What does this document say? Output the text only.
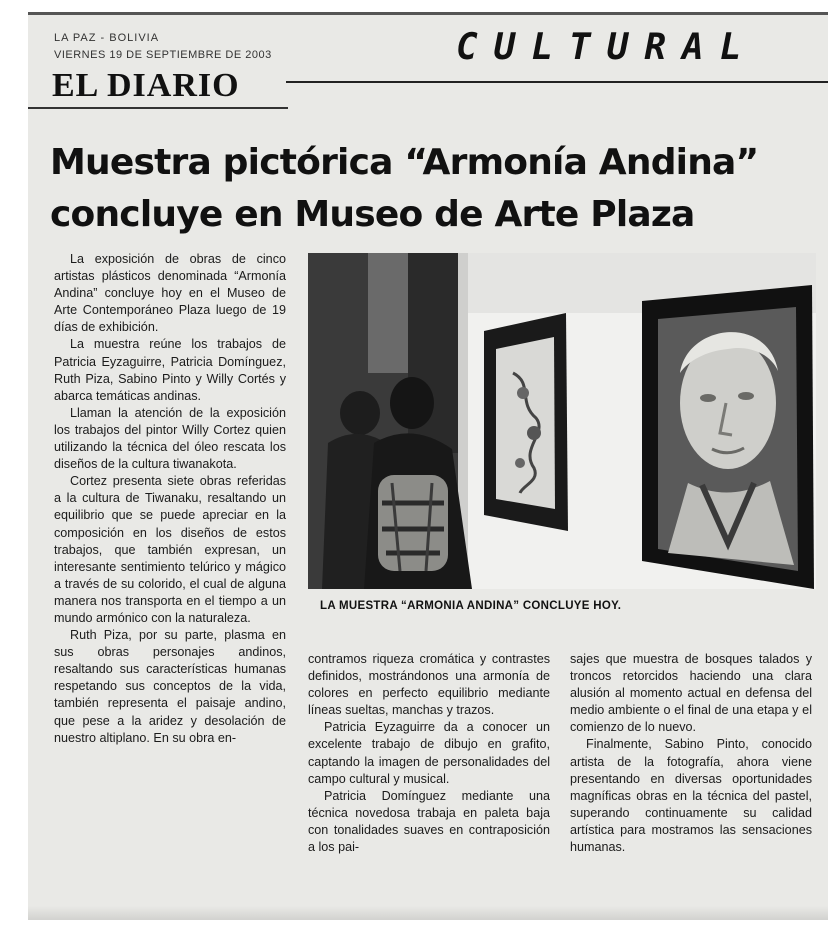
LA PAZ - BOLIVIA
VIERNES 19 DE SEPTIEMBRE DE 2003
EL DIARIO
CULTURAL
Muestra pictórica “Armonía Andina”
concluye en Museo de Arte Plaza

La exposición de obras de cinco artistas plásticos denominada “Armonía Andina” concluye hoy en el Museo de Arte Contemporáneo Plaza luego de 19 días de exhibición.

La muestra reúne los trabajos de Patricia Eyzaguirre, Patricia Domínguez, Ruth Piza, Sabino Pinto y Willy Cortés y abarca temáticas andinas.

Llaman la atención de la exposición los trabajos del pintor Willy Cortez quien utilizando la técnica del óleo rescata los diseños de la cultura tiwanakota.

Cortez presenta siete obras referidas a la cultura de Tiwanaku, resaltando un equilibrio que se puede apreciar en la composición en los diseños de estos trabajos, que también expresan, un interesante sentimiento telúrico y mágico a través de su colorido, el cual de alguna manera nos transporta en el tiempo a un mundo armónico con la naturaleza.

Ruth Piza, por su parte, plasma en sus obras personajes andinos, resaltando sus características humanas respetando sus conceptos de la vida, también representa el paisaje andino, que pese a la aridez y desolación de nuestro altiplano. En su obra en-

LA MUESTRA “ARMONIA ANDINA” CONCLUYE HOY.

contramos riqueza cromática y contrastes definidos, mostrándonos una armonía de colores en perfecto equilibrio mediante líneas sueltas, manchas y trazos.

Patricia Eyzaguirre da a conocer un excelente trabajo de dibujo en grafito, captando la imagen de personalidades del campo cultural y musical.

Patricia Domínguez mediante una técnica novedosa trabaja en paleta baja con tonalidades suaves en contraposición a los pai-

sajes que muestra de bosques talados y troncos retorcidos haciendo una clara alusión al momento actual en defensa del medio ambiente o el final de una etapa y el comienzo de lo nuevo.

Finalmente, Sabino Pinto, conocido artista de la fotografía, ahora viene presentando en diversas oportunidades magníficas obras en la técnica del pastel, superando continuamente su calidad artística para mostramos las sensaciones humanas.
